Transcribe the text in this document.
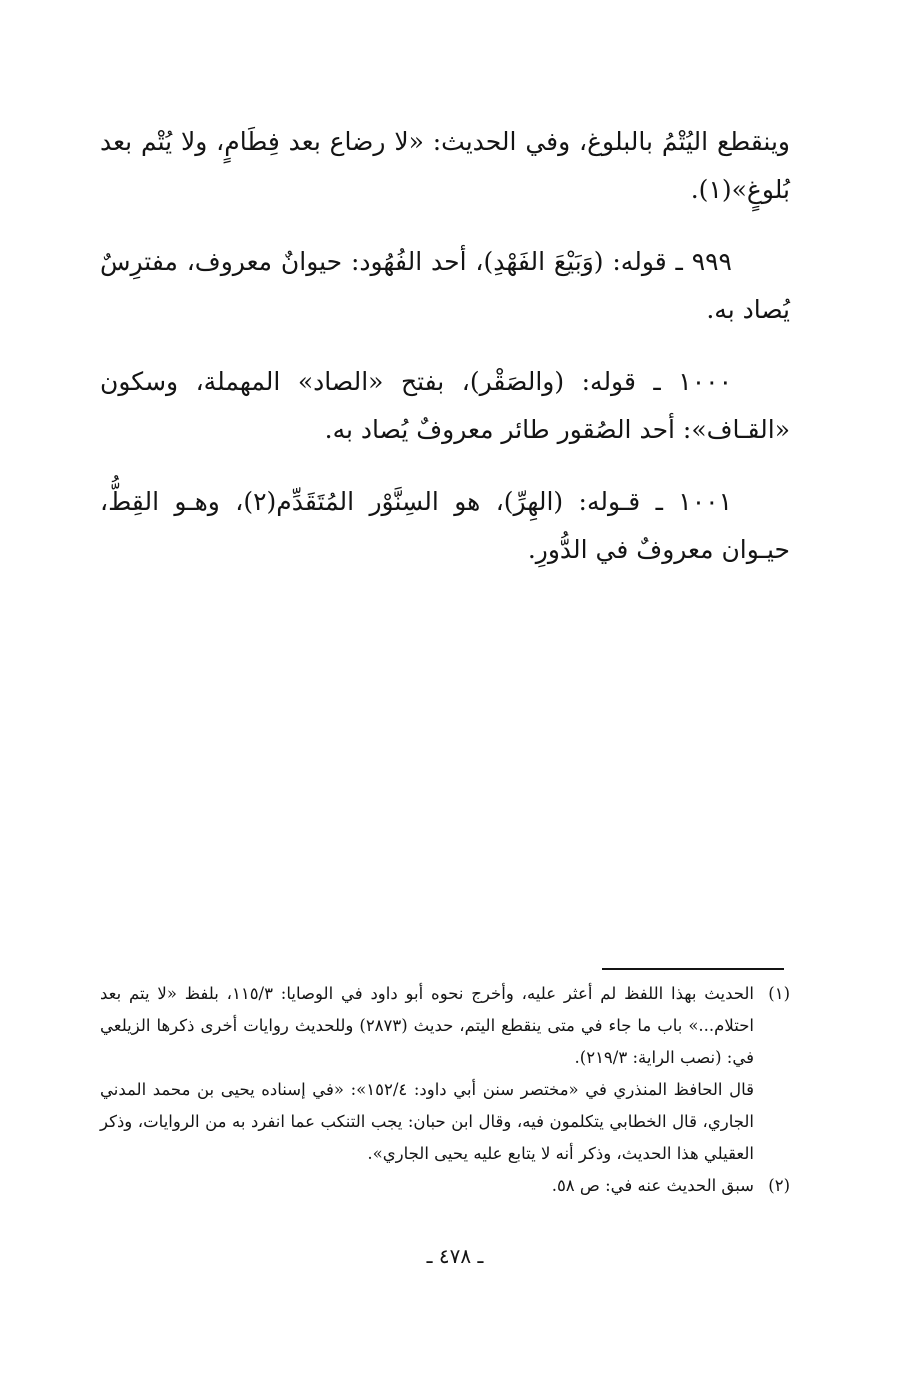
وينقطع اليُتْمُ بالبلوغ، وفي الحديث: «لا رضاع بعد فِطَامٍ، ولا يُتْم بعد بُلوغٍ»(١).

٩٩٩ ـ قوله: (وَبَيْعَ الفَهْدِ)، أحد الفُهُود: حيوانٌ معروف، مفترِسٌ يُصاد به.

١٠٠٠ ـ قوله: (والصَقْر)، بفتح «الصاد» المهملة، وسكون «القـاف»: أحد الصُقور طائر معروفٌ يُصاد به.

١٠٠١ ـ قـوله: (الهِرِّ)، هو السِنَّوْر المُتَقَدِّم(٢)، وهـو القِطُّ، حيـوان معروفٌ في الدُّورِ.

(١)

الحديث بهذا اللفظ لم أعثر عليه، وأخرج نحوه أبو داود في الوصايا: ١١٥/٣، بلفظ «لا يتم بعد احتلام...» باب ما جاء في متى ينقطع اليتم، حديث (٢٨٧٣) وللحديث روايات أخرى ذكرها الزيلعي في: (نصب الراية: ٢١٩/٣).

قال الحافظ المنذري في «مختصر سنن أبي داود: ١٥٢/٤»: «في إسناده يحيى بن محمد المدني الجاري، قال الخطابي يتكلمون فيه، وقال ابن حبان: يجب التنكب عما انفرد به من الروايات، وذكر العقيلي هذا الحديث، وذكر أنه لا يتابع عليه يحيى الجاري».

(٢)

سبق الحديث عنه في: ص ٥٨.

ـ ٤٧٨ ـ
